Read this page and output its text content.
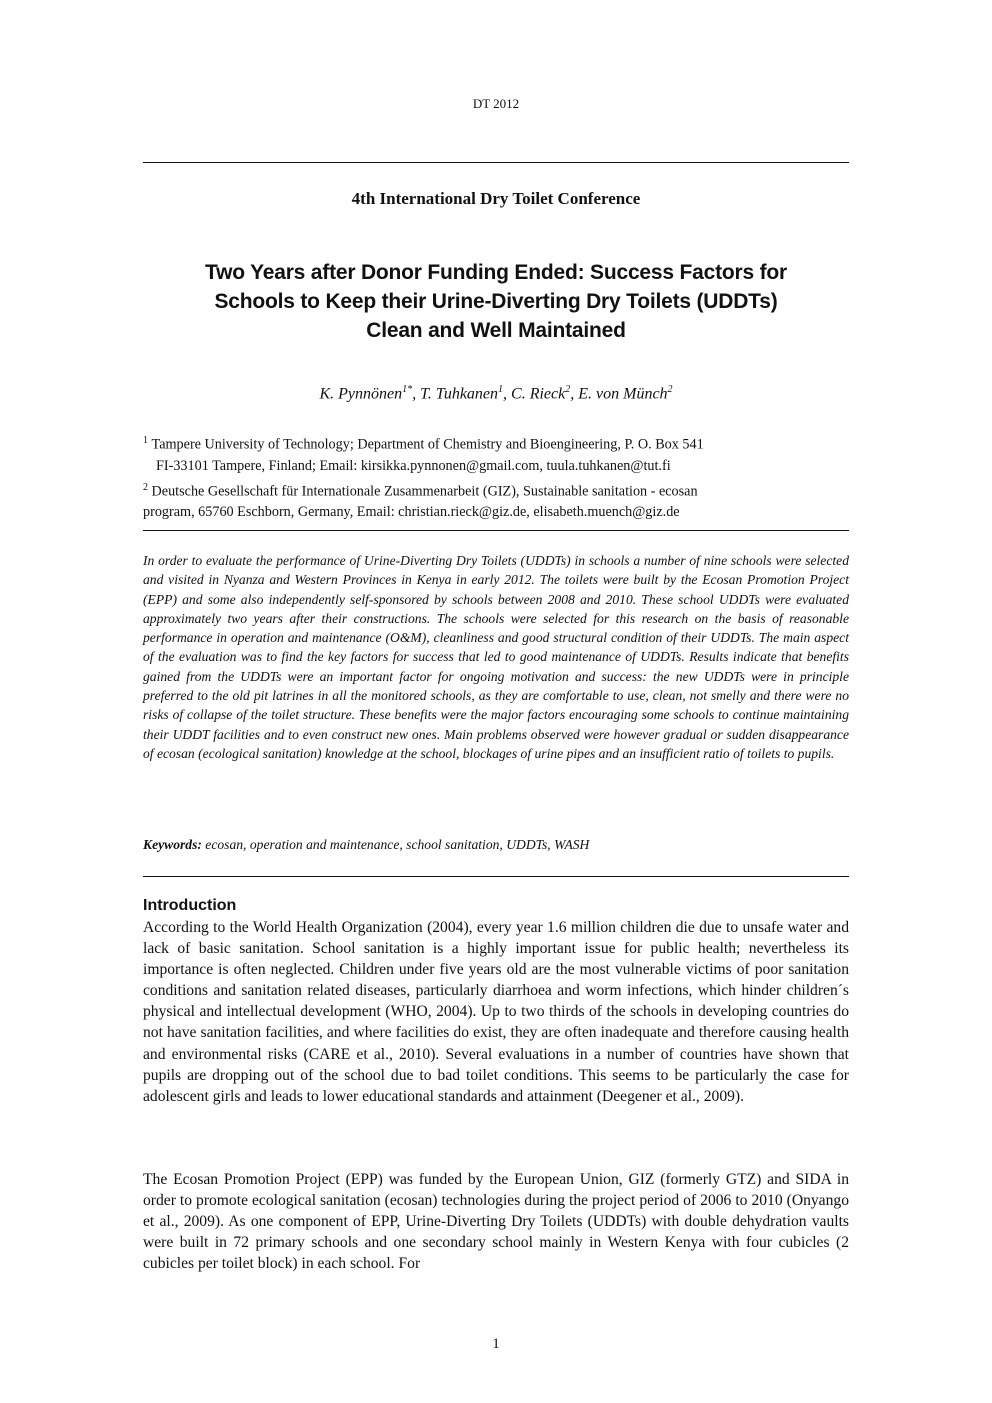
DT 2012
4th International Dry Toilet Conference
Two Years after Donor Funding Ended: Success Factors for
Schools to Keep their Urine-Diverting Dry Toilets (UDDTs)
Clean and Well Maintained
K. Pynnönen$^{1*}$, T. Tuhkanen$^1$, C. Rieck$^2$, E. von Münch$^2$

$^1$ Tampere University of Technology; Department of Chemistry and Bioengineering, P. O. Box 541

FI-33101 Tampere, Finland; Email: kirsikka.pynnonen@gmail.com, tuula.tuhkanen@tut.fi

$^2$ Deutsche Gesellschaft für Internationale Zusammenarbeit (GIZ), Sustainable sanitation - ecosan

program, 65760 Eschborn, Germany, Email: christian.rieck@giz.de, elisabeth.muench@giz.de

In order to evaluate the performance of Urine-Diverting Dry Toilets (UDDTs) in schools a number of nine schools were selected and visited in Nyanza and Western Provinces in Kenya in early 2012. The toilets were built by the Ecosan Promotion Project (EPP) and some also independently self-sponsored by schools between 2008 and 2010. These school UDDTs were evaluated approximately two years after their constructions. The schools were selected for this research on the basis of reasonable performance in operation and maintenance (O&M), cleanliness and good structural condition of their UDDTs. The main aspect of the evaluation was to find the key factors for success that led to good maintenance of UDDTs. Results indicate that benefits gained from the UDDTs were an important factor for ongoing motivation and success: the new UDDTs were in principle preferred to the old pit latrines in all the monitored schools, as they are comfortable to use, clean, not smelly and there were no risks of collapse of the toilet structure. These benefits were the major factors encouraging some schools to continue maintaining their UDDT facilities and to even construct new ones. Main problems observed were however gradual or sudden disappearance of ecosan (ecological sanitation) knowledge at the school, blockages of urine pipes and an insufficient ratio of toilets to pupils.

Keywords: ecosan, operation and maintenance, school sanitation, UDDTs, WASH
Introduction

According to the World Health Organization (2004), every year 1.6 million children die due to unsafe water and lack of basic sanitation. School sanitation is a highly important issue for public health; nevertheless its importance is often neglected. Children under five years old are the most vulnerable victims of poor sanitation conditions and sanitation related diseases, particularly diarrhoea and worm infections, which hinder children´s physical and intellectual development (WHO, 2004). Up to two thirds of the schools in developing countries do not have sanitation facilities, and where facilities do exist, they are often inadequate and therefore causing health and environmental risks (CARE et al., 2010). Several evaluations in a number of countries have shown that pupils are dropping out of the school due to bad toilet conditions. This seems to be particularly the case for adolescent girls and leads to lower educational standards and attainment (Deegener et al., 2009).

The Ecosan Promotion Project (EPP) was funded by the European Union, GIZ (formerly GTZ) and SIDA in order to promote ecological sanitation (ecosan) technologies during the project period of 2006 to 2010 (Onyango et al., 2009). As one component of EPP, Urine-Diverting Dry Toilets (UDDTs) with double dehydration vaults were built in 72 primary schools and one secondary school mainly in Western Kenya with four cubicles (2 cubicles per toilet block) in each school. For

1
